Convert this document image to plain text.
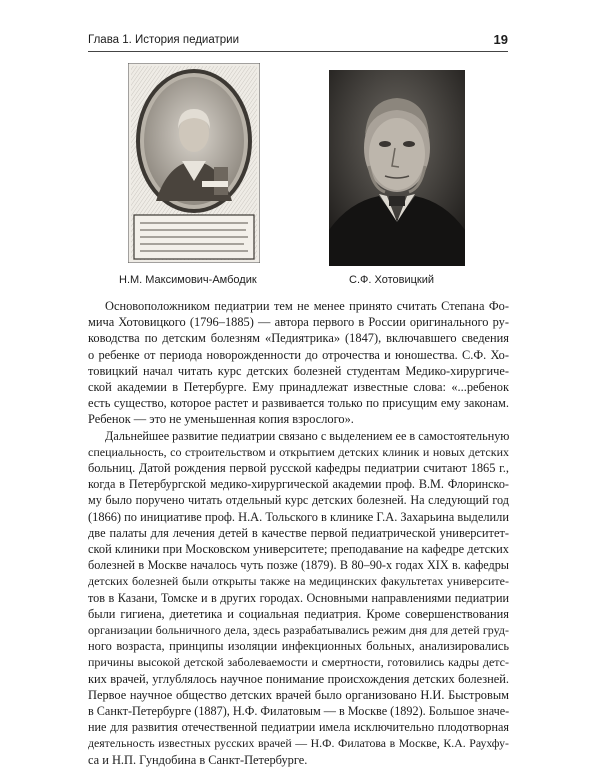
Глава 1. История педиатрии	19
Н.М. Максимович-Амбодик	С.Ф. Хотовицкий

Основоположником педиатрии тем не менее принято считать Степана Фо-
мича Хотовицкого (1796–1885) — автора первого в России оригинального ру-
ководства по детским болезням «Педиятрика» (1847), включавшего сведения
о ребенке от периода новорожденности до отрочества и юношества. С.Ф. Хо-
товицкий начал читать курс детских болезней студентам Медико-хирургиче-
ской академии в Петербурге. Ему принадлежат известные слова: «...ребенок
есть существо, которое растет и развивается только по присущим ему законам.
Ребенок — это не уменьшенная копия взрослого».

Дальнейшее развитие педиатрии связано с выделением ее в самостоятельную
специальность, со строительством и открытием детских клиник и новых детских
больниц. Датой рождения первой русской кафедры педиатрии считают 1865 г.,
когда в Петербургской медико-хирургической академии проф. В.М. Флоринско-
му было поручено читать отдельный курс детских болезней. На следующий год
(1866) по инициативе проф. Н.А. Тольского в клинике Г.А. Захарьина выделили
две палаты для лечения детей в качестве первой педиатрической университет-
ской клиники при Московском университете; преподавание на кафедре детских
болезней в Москве началось чуть позже (1879). В 80–90-х годах XIX в. кафедры
детских болезней были открыты также на медицинских факультетах университе-
тов в Казани, Томске и в других городах. Основными направлениями педиатрии
были гигиена, диететика и социальная педиатрия. Кроме совершенствования
организации больничного дела, здесь разрабатывались режим дня для детей груд-
ного возраста, принципы изоляции инфекционных больных, анализировались
причины высокой детской заболеваемости и смертности, готовились кадры детс-
ких врачей, углублялось научное понимание происхождения детских болезней.
Первое научное общество детских врачей было организовано Н.И. Быстровым
в Санкт-Петербурге (1887), Н.Ф. Филатовым — в Москве (1892). Большое значе-
ние для развития отечественной педиатрии имела исключительно плодотворная
деятельность известных русских врачей — Н.Ф. Филатова в Москве, К.А. Раухфу-
са и Н.П. Гундобина в Санкт-Петербурге.
